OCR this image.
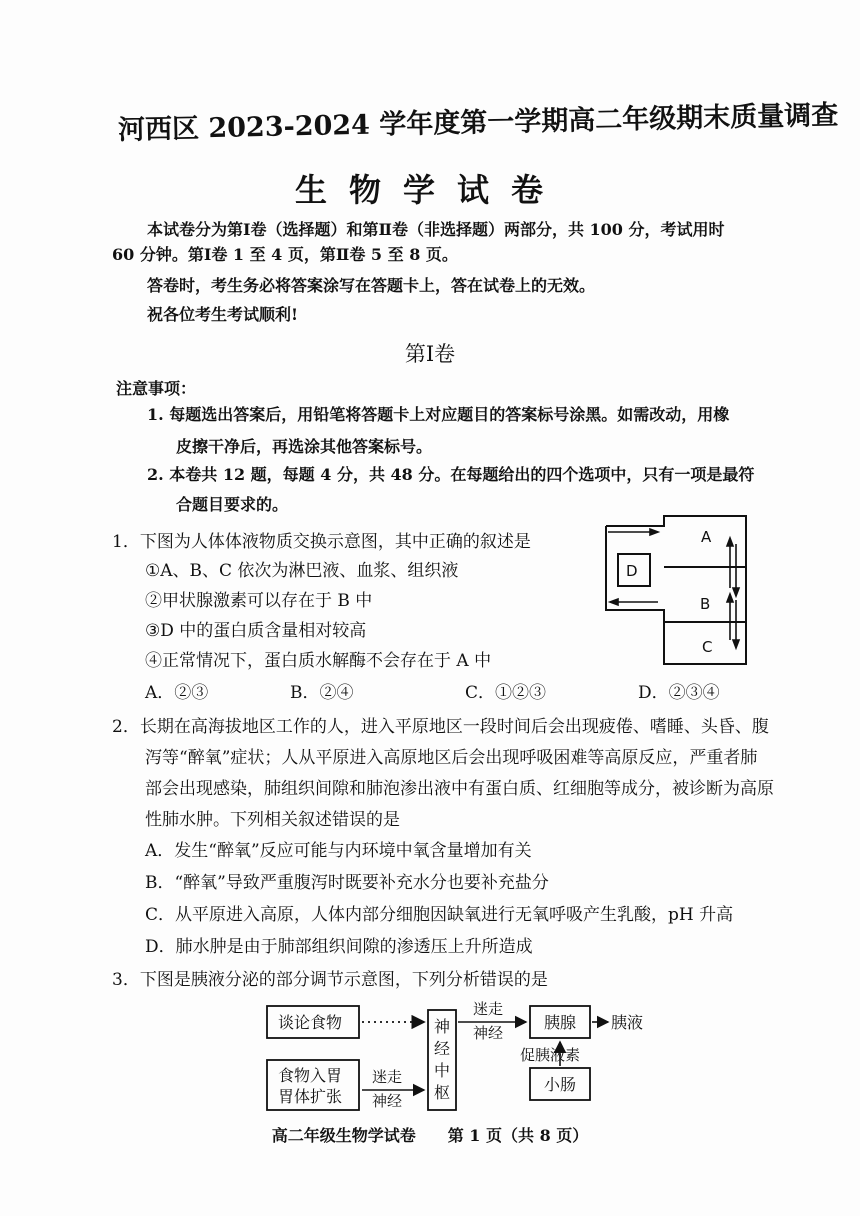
河西区 2023-2024 学年度第一学期高二年级期末质量调查
生物学试卷
本试卷分为第Ⅰ卷（选择题）和第Ⅱ卷（非选择题）两部分，共 100 分，考试用时
60 分钟。第Ⅰ卷 1 至 4 页，第Ⅱ卷 5 至 8 页。
答卷时，考生务必将答案涂写在答题卡上，答在试卷上的无效。
祝各位考生考试顺利!
第Ⅰ卷
注意事项：
1. 每题选出答案后，用铅笔将答题卡上对应题目的答案标号涂黑。如需改动，用橡
皮擦干净后，再选涂其他答案标号。
2. 本卷共 12 题，每题 4 分，共 48 分。在每题给出的四个选项中，只有一项是最符
合题目要求的。
1．下图为人体体液物质交换示意图，其中正确的叙述是
①A、B、C 依次为淋巴液、血浆、组织液
②甲状腺激素可以存在于 B 中
③D 中的蛋白质含量相对较高
④正常情况下，蛋白质水解酶不会存在于 A 中
A．②③	B．②④	C．①②③	D．②③④
A
B
C
D
2．长期在高海拔地区工作的人，进入平原地区一段时间后会出现疲倦、嗜睡、头昏、腹
泻等“醉氧”症状；人从平原进入高原地区后会出现呼吸困难等高原反应，严重者肺
部会出现感染，肺组织间隙和肺泡渗出液中有蛋白质、红细胞等成分，被诊断为高原
性肺水肿。下列相关叙述错误的是
A．发生“醉氧”反应可能与内环境中氧含量增加有关
B．“醉氧”导致严重腹泻时既要补充水分也要补充盐分
C．从平原进入高原，人体内部分细胞因缺氧进行无氧呼吸产生乳酸，pH 升高
D．肺水肿是由于肺部组织间隙的渗透压上升所造成
3．下图是胰液分泌的部分调节示意图，下列分析错误的是
谈论食物
食物入胃
胃体扩张
神
经
中
枢
迷走
神经
迷走
神经
胰腺 胰液
促胰液素
小肠
高二年级生物学试卷　　第 1 页（共 8 页）
